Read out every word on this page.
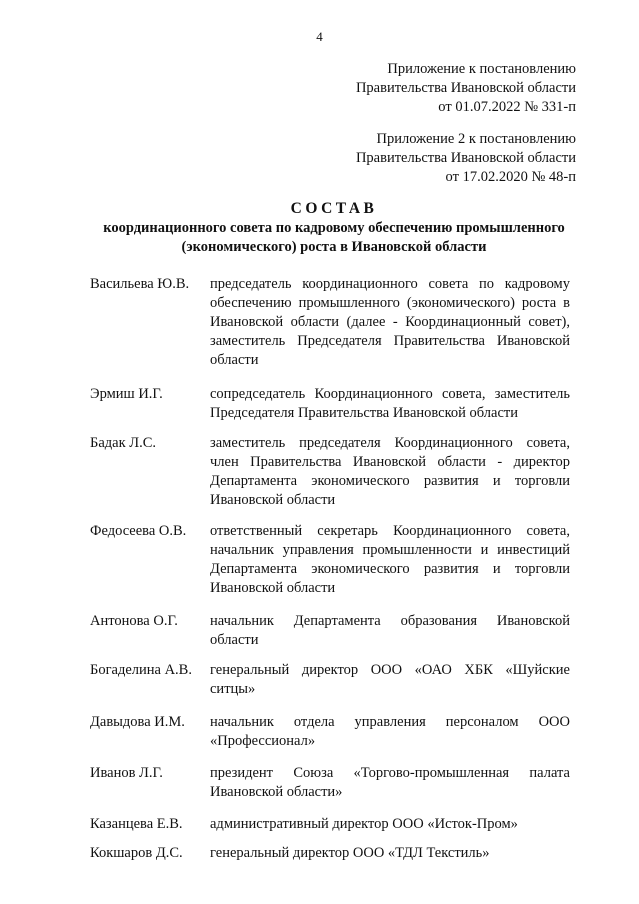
4
Приложение к постановлению
Правительства Ивановской области
от 01.07.2022 № 331-п
Приложение 2 к постановлению
Правительства Ивановской области
от 17.02.2020 № 48-п
СОСТАВ
координационного совета по кадровому обеспечению промышленного
(экономического) роста в Ивановской области
Васильева Ю.В.	председатель координационного совета по кадровому обеспечению промышленного (экономического) роста в Ивановской области (далее - Координационный совет), заместитель Председателя Правительства Ивановской области
Эрмиш И.Г.	сопредседатель Координационного совета, заместитель Председателя Правительства Ивановской области
Бадак Л.С.	заместитель председателя Координационного совета, член Правительства Ивановской области - директор Департамента экономического развития и торговли Ивановской области
Федосеева О.В.	ответственный секретарь Координационного совета, начальник управления промышленности и инвестиций Департамента экономического развития и торговли Ивановской области
Антонова О.Г.	начальник Департамента образования Ивановской области
Богаделина А.В.	генеральный директор ООО «ОАО ХБК «Шуйские ситцы»
Давыдова И.М.	начальник отдела управления персоналом ООО «Профессионал»
Иванов Л.Г.	президент Союза «Торгово-промышленная палата Ивановской области»
Казанцева Е.В.	административный директор ООО «Исток-Пром»
Кокшаров Д.С.	генеральный директор ООО «ТДЛ Текстиль»
